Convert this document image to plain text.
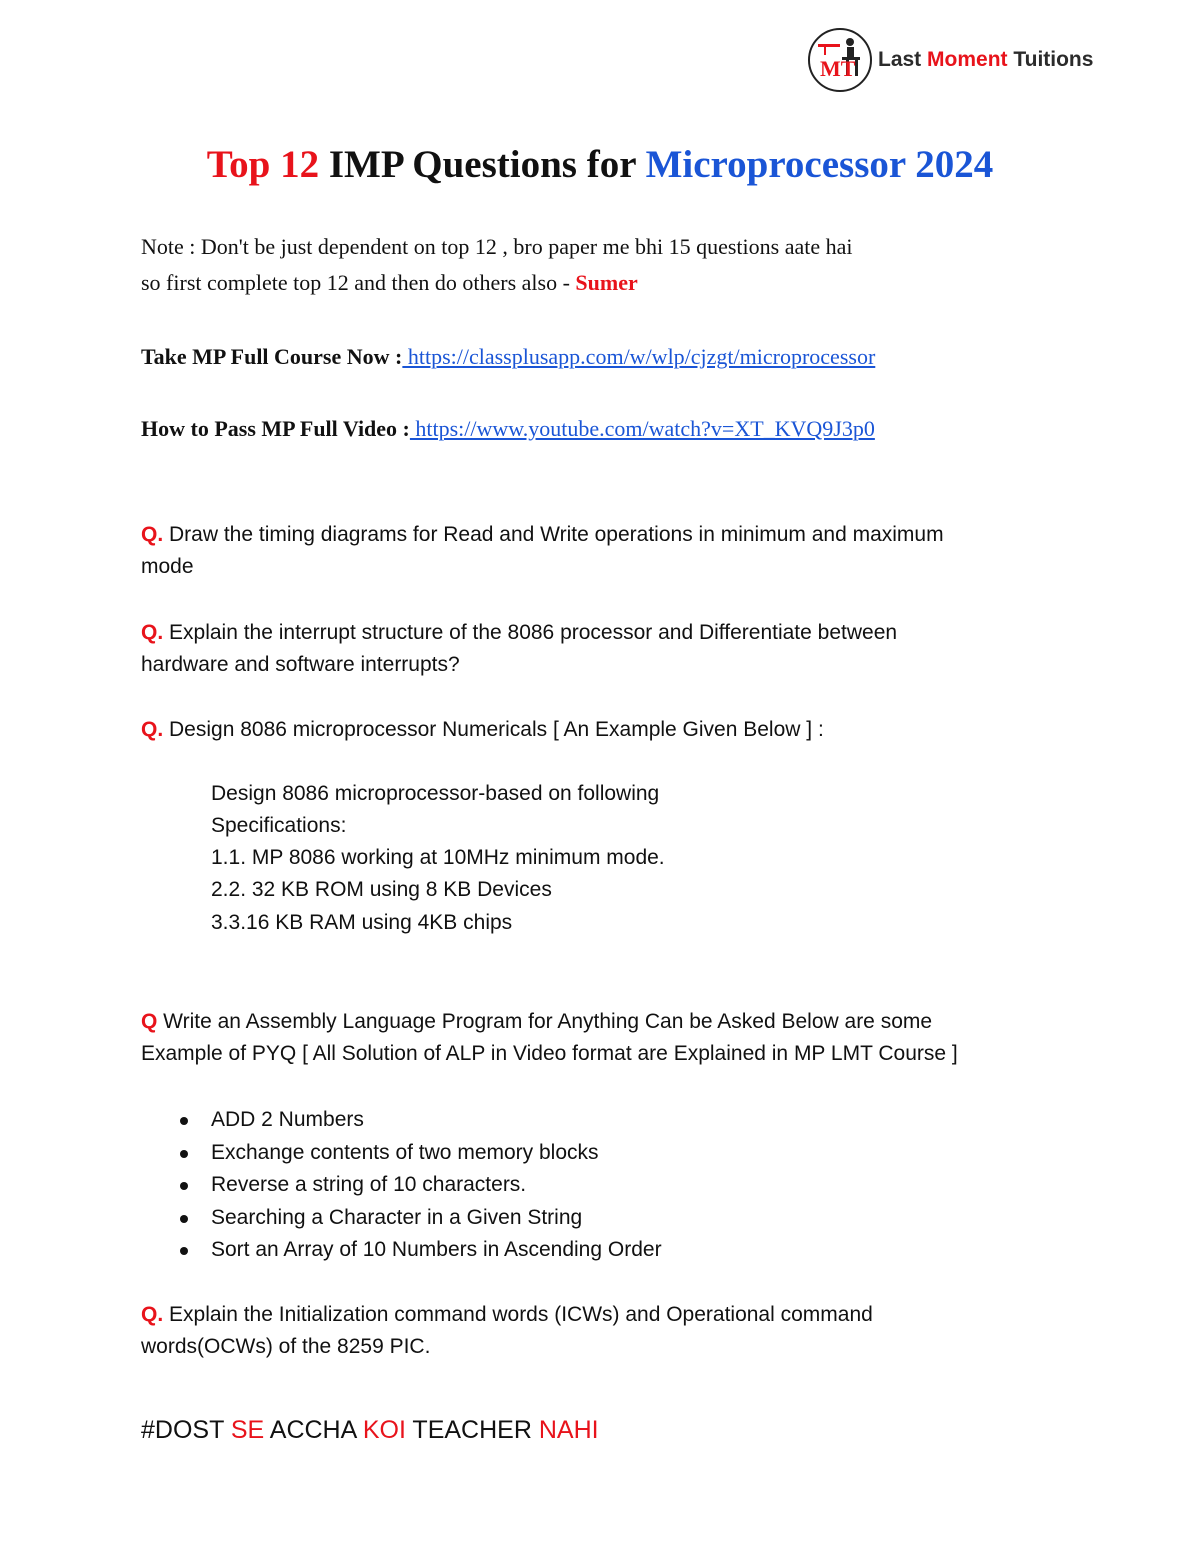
MT Last Moment Tuitions
Top 12 IMP Questions for Microprocessor 2024
Note : Don't be just dependent on top 12 , bro paper me bhi 15 questions aate hai
so first complete top 12 and then do others also - Sumer
Take MP Full Course Now : https://classplusapp.com/w/wlp/cjzgt/microprocessor
How to Pass MP Full Video : https://www.youtube.com/watch?v=XT_KVQ9J3p0
Q. Draw the timing diagrams for Read and Write operations in minimum and maximum
mode
Q. Explain the interrupt structure of the 8086 processor and Differentiate between
hardware and software interrupts?
Q. Design 8086 microprocessor Numericals [ An Example Given Below ] :
Design 8086 microprocessor-based on following
Specifications:
1.1. MP 8086 working at 10MHz minimum mode.
2.2. 32 KB ROM using 8 KB Devices
3.3.16 KB RAM using 4KB chips
Q Write an Assembly Language Program for Anything Can be Asked Below are some
Example of PYQ [ All Solution of ALP in Video format are Explained in MP LMT Course ]
ADD 2 Numbers
Exchange contents of two memory blocks
Reverse a string of 10 characters.
Searching a Character in a Given String
Sort an Array of 10 Numbers in Ascending Order
Q. Explain the Initialization command words (ICWs) and Operational command
words(OCWs) of the 8259 PIC.
#DOST SE ACCHA KOI TEACHER NAHI
